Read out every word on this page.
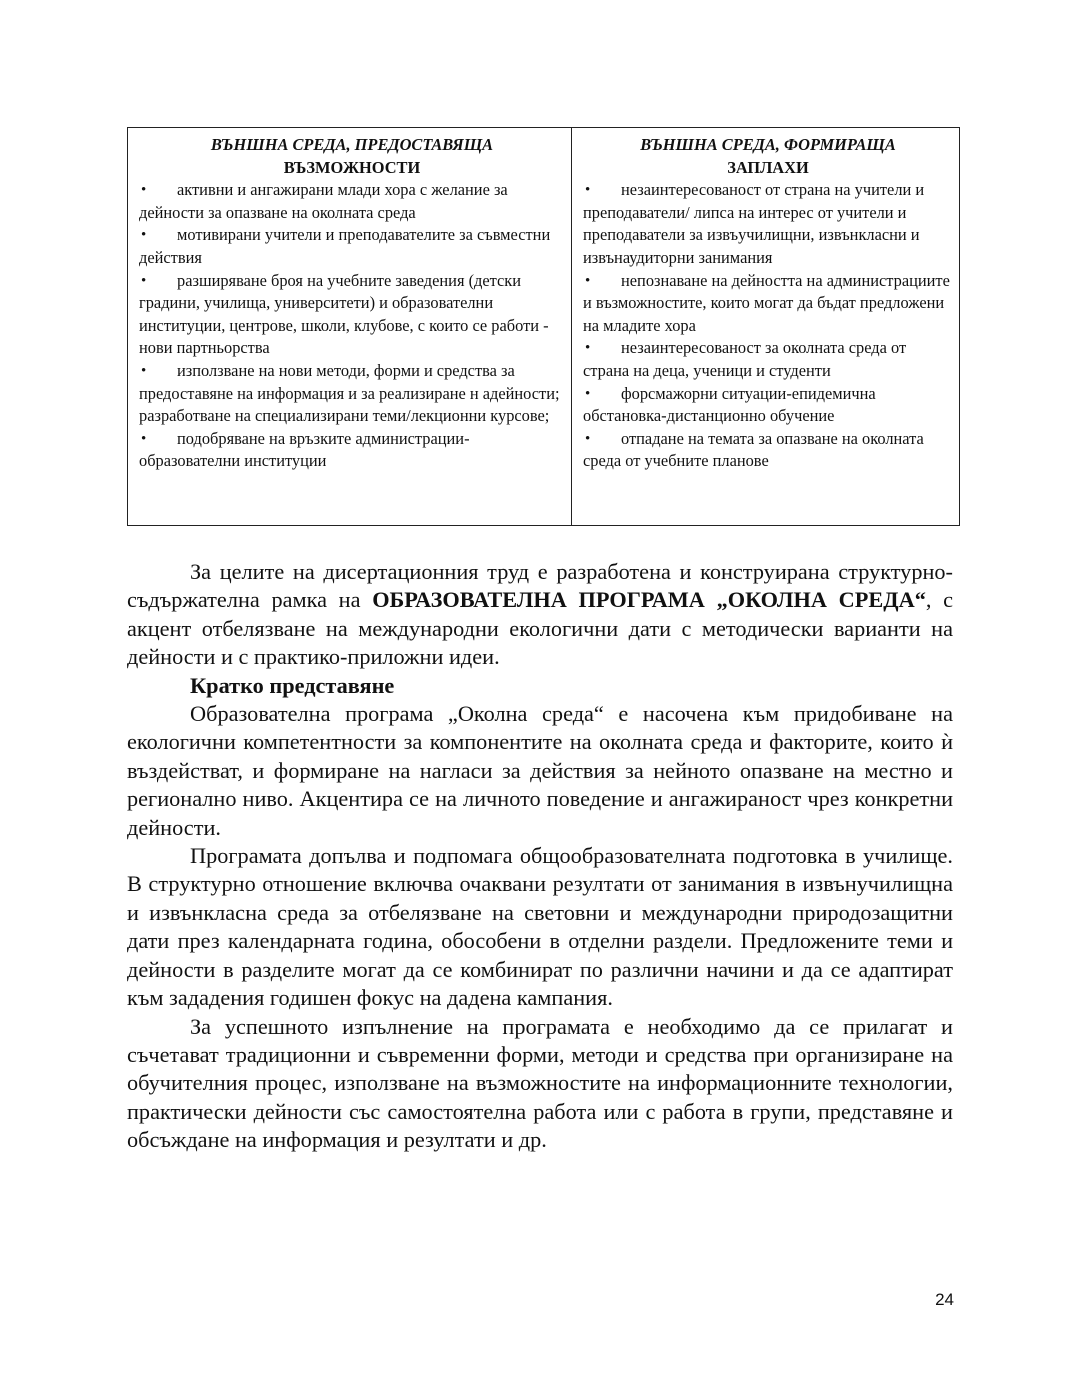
ВЪНШНА СРЕДА, ПРЕДОСТАВЯЩА
ВЪЗМОЖНОСТИ
• активни и ангажирани млади хора с желание за дейности за опазване на околната среда
• мотивирани учители и преподавателите за съвместни действия
• разширяване броя на учебните заведения (детски градини, училища, университети) и образователни институции, центрове, школи, клубове, с които се работи - нови партньорства
• използване на нови методи, форми и средства за предоставяне на информация и за реализиране н адейности; разработване на специализирани теми/лекционни курсове;
• подобряване на връзките администрации-образователни институции

ВЪНШНА СРЕДА, ФОРМИРАЩА
ЗАПЛАХИ
• незаинтересованост от страна на учители и преподаватели/ липса на интерес от учители и преподаватели за извъучилищни, извънкласни и извънаудиторни занимания
• непознаване на дейността на администрациите и възможностите, които могат да бъдат предложени на младите хора
• незаинтересованост за околната среда от страна на деца, ученици и студенти
• форсмажорни ситуации-епидемична обстановка-дистанционно обучение
• отпадане на темата за опазване на околната среда от учебните планове

За целите на дисертационния труд е разработена и конструирана структурно-съдържателна рамка на ОБРАЗОВАТЕЛНА ПРОГРАМА „ОКОЛНА СРЕДА“, с акцент отбелязване на международни екологични дати с методически варианти на дейности и с практико-приложни идеи.

Кратко представяне

Образователна програма „Околна среда“ е насочена към придобиване на екологични компетентности за компонентите на околната среда и факторите, които ѝ въздействат, и формиране на нагласи за действия за нейното опазване на местно и регионално ниво. Акцентира се на личното поведение и ангажираност чрез конкретни дейности.

Програмата допълва и подпомага общообразователната подготовка в училище. В структурно отношение включва очаквани резултати от занимания в извънучилищна и извънкласна среда за отбелязване на световни и международни природозащитни дати през календарната година, обособени в отделни раздели. Предложените теми и дейности в разделите могат да се комбинират по различни начини и да се адаптират към зададения годишен фокус на дадена кампания.

За успешното изпълнение на програмата е необходимо да се прилагат и съчетават традиционни и съвременни форми, методи и средства при организиране на обучителния процес, използване на възможностите на информационните технологии, практически дейности със самостоятелна работа или с работа в групи, представяне и обсъждане на информация и резултати и др.

24
